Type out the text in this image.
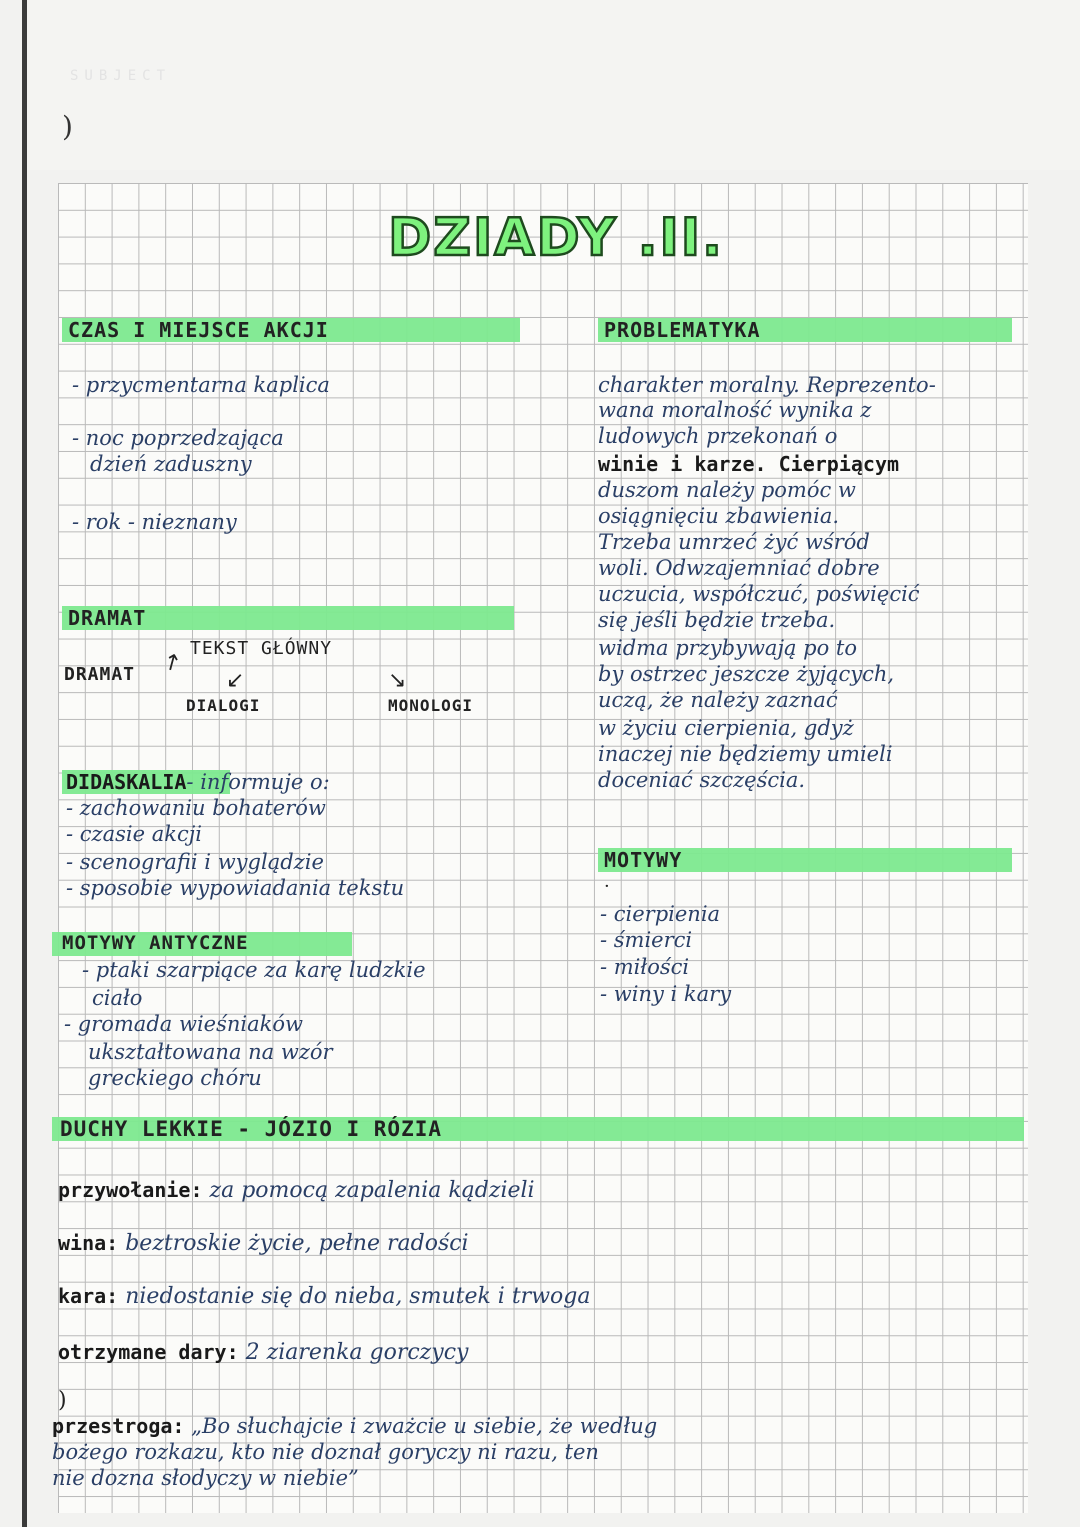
SUBJECT
)
DZIADY .II.
CZAS I MIEJSCE AKCJI
- przycmentarna kaplica
- noc poprzedzająca
dzień zaduszny
- rok - nieznany
DRAMAT
DRAMAT
TEKST GŁÓWNY
DIALOGI	MONOLOGI
↗
↙	↘
DIDASKALIA- informuje o:
- zachowaniu bohaterów
- czasie akcji
- scenografii i wyglądzie
- sposobie wypowiadania tekstu
MOTYWY ANTYCZNE
- ptaki szarpiące za karę ludzkie
ciało
- gromada wieśniaków
ukształtowana na wzór
greckiego chóru
PROBLEMATYKA
charakter moralny. Reprezento-
wana moralność wynika z
ludowych przekonań o
winie i karze. Cierpiącym
duszom należy pomóc w
osiągnięciu zbawienia.
Trzeba umrzeć żyć wśród
woli. Odwzajemniać dobre
uczucia, współczuć, poświęcić
się jeśli będzie trzeba.
widma przybywają po to
by ostrzec jeszcze żyjących,
uczą, że należy zaznać
w życiu cierpienia, gdyż
inaczej nie będziemy umieli
doceniać szczęścia.
MOTYWY
·
- cierpienia
- śmierci
- miłości
- winy i kary
DUCHY LEKKIE - JÓZIO I RÓZIA
przywołanie: za pomocą zapalenia kądzieli
wina: beztroskie życie, pełne radości
kara: niedostanie się do nieba, smutek i trwoga
otrzymane dary: 2 ziarenka gorczycy
)
przestroga: „Bo słuchajcie i zważcie u siebie, że według
bożego rozkazu, kto nie doznał goryczy ni razu, ten
nie dozna słodyczy w niebie”
